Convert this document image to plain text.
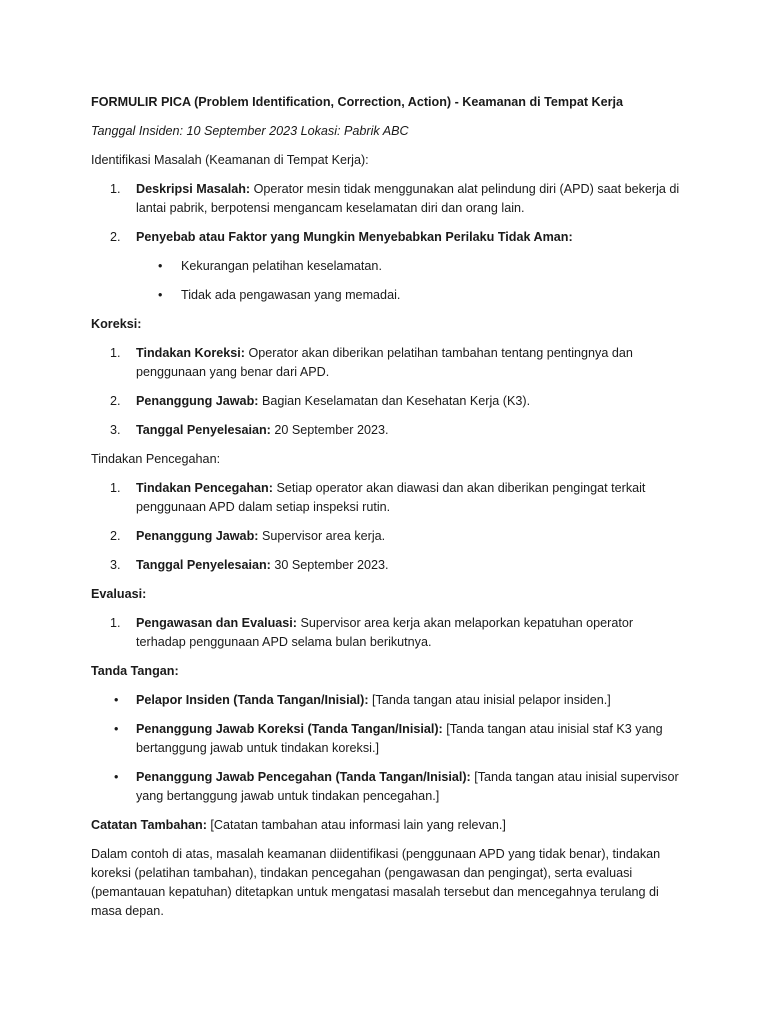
FORMULIR PICA (Problem Identification, Correction, Action) - Keamanan di Tempat Kerja

Tanggal Insiden: 10 September 2023 Lokasi: Pabrik ABC

Identifikasi Masalah (Keamanan di Tempat Kerja):

1. Deskripsi Masalah: Operator mesin tidak menggunakan alat pelindung diri (APD) saat bekerja di lantai pabrik, berpotensi mengancam keselamatan diri dan orang lain.
2. Penyebab atau Faktor yang Mungkin Menyebabkan Perilaku Tidak Aman:
• Kekurangan pelatihan keselamatan.
• Tidak ada pengawasan yang memadai.

Koreksi:

1. Tindakan Koreksi: Operator akan diberikan pelatihan tambahan tentang pentingnya dan penggunaan yang benar dari APD.
2. Penanggung Jawab: Bagian Keselamatan dan Kesehatan Kerja (K3).
3. Tanggal Penyelesaian: 20 September 2023.

Tindakan Pencegahan:

1. Tindakan Pencegahan: Setiap operator akan diawasi dan akan diberikan pengingat terkait penggunaan APD dalam setiap inspeksi rutin.
2. Penanggung Jawab: Supervisor area kerja.
3. Tanggal Penyelesaian: 30 September 2023.

Evaluasi:

1. Pengawasan dan Evaluasi: Supervisor area kerja akan melaporkan kepatuhan operator terhadap penggunaan APD selama bulan berikutnya.

Tanda Tangan:

• Pelapor Insiden (Tanda Tangan/Inisial): [Tanda tangan atau inisial pelapor insiden.]
• Penanggung Jawab Koreksi (Tanda Tangan/Inisial): [Tanda tangan atau inisial staf K3 yang bertanggung jawab untuk tindakan koreksi.]
• Penanggung Jawab Pencegahan (Tanda Tangan/Inisial): [Tanda tangan atau inisial supervisor yang bertanggung jawab untuk tindakan pencegahan.]

Catatan Tambahan: [Catatan tambahan atau informasi lain yang relevan.]

Dalam contoh di atas, masalah keamanan diidentifikasi (penggunaan APD yang tidak benar), tindakan koreksi (pelatihan tambahan), tindakan pencegahan (pengawasan dan pengingat), serta evaluasi (pemantauan kepatuhan) ditetapkan untuk mengatasi masalah tersebut dan mencegahnya terulang di masa depan.
